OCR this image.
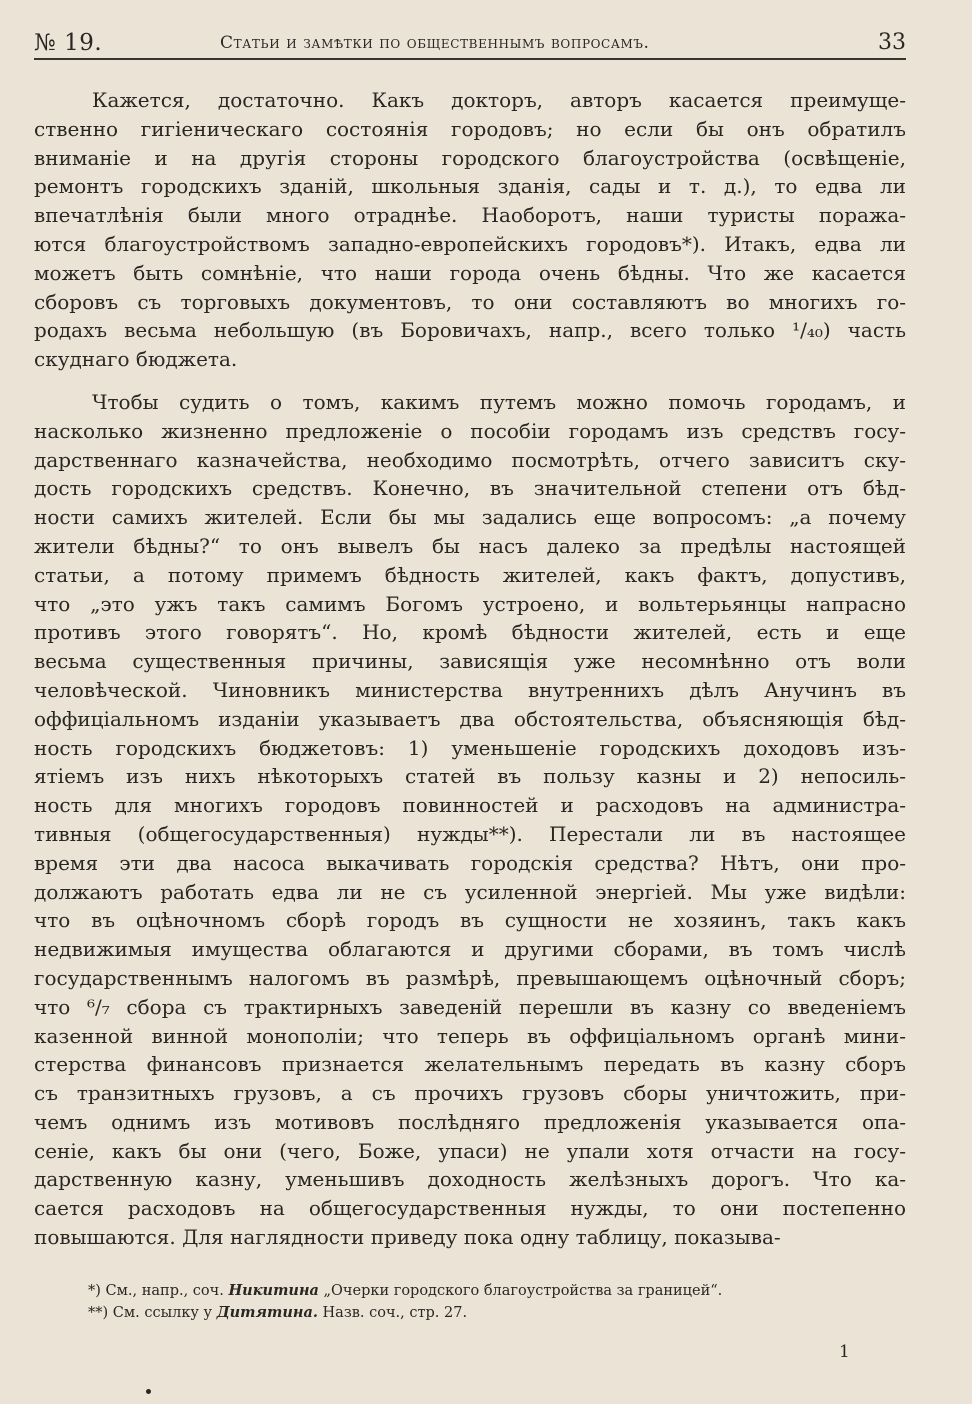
№ 19.	Статьи и замѣтки по общественнымъ вопросамъ.	33
Кажется, достаточно. Какъ докторъ, авторъ касается преимуще-
ственно гигіеническаго состоянія городовъ; но если бы онъ обратилъ
вниманіе и на другія стороны городского благоустройства (освѣщеніе,
ремонтъ городскихъ зданій, школьныя зданія, сады и т. д.), то едва ли
впечатлѣнія были много отраднѣе. Наоборотъ, наши туристы поража-
ются благоустройствомъ западно-европейскихъ городовъ*). Итакъ, едва ли
можетъ быть сомнѣніе, что наши города очень бѣдны. Что же касается
сборовъ съ торговыхъ документовъ, то они составляютъ во многихъ го-
родахъ весьма небольшую (въ Боровичахъ, напр., всего только ¹/₄₀) часть
скуднаго бюджета.
Чтобы судить о томъ, какимъ путемъ можно помочь городамъ, и
насколько жизненно предложеніе о пособіи городамъ изъ средствъ госу-
дарственнаго казначейства, необходимо посмотрѣть, отчего зависитъ ску-
дость городскихъ средствъ. Конечно, въ значительной степени отъ бѣд-
ности самихъ жителей. Если бы мы задались еще вопросомъ: „а почему
жители бѣдны?“ то онъ вывелъ бы насъ далеко за предѣлы настоящей
статьи, а потому примемъ бѣдность жителей, какъ фактъ, допустивъ,
что „это ужъ такъ самимъ Богомъ устроено, и вольтерьянцы напрасно
противъ этого говорятъ“. Но, кромѣ бѣдности жителей, есть и еще
весьма существенныя причины, зависящія уже несомнѣнно отъ воли
человѣческой. Чиновникъ министерства внутреннихъ дѣлъ Анучинъ въ
оффиціальномъ изданіи указываетъ два обстоятельства, объясняющія бѣд-
ность городскихъ бюджетовъ: 1) уменьшеніе городскихъ доходовъ изъ-
ятіемъ изъ нихъ нѣкоторыхъ статей въ пользу казны и 2) непосиль-
ность для многихъ городовъ повинностей и расходовъ на администра-
тивныя (общегосударственныя) нужды**). Перестали ли въ настоящее
время эти два насоса выкачивать городскія средства? Нѣтъ, они про-
должаютъ работать едва ли не съ усиленной энергіей. Мы уже видѣли:
что въ оцѣночномъ сборѣ городъ въ сущности не хозяинъ, такъ какъ
недвижимыя имущества облагаются и другими сборами, въ томъ числѣ
государственнымъ налогомъ въ размѣрѣ, превышающемъ оцѣночный сборъ;
что ⁶/₇ сбора съ трактирныхъ заведеній перешли въ казну со введеніемъ
казенной винной монополіи; что теперь въ оффиціальномъ органѣ мини-
стерства финансовъ признается желательнымъ передать въ казну сборъ
съ транзитныхъ грузовъ, а съ прочихъ грузовъ сборы уничтожить, при-
чемъ однимъ изъ мотивовъ послѣдняго предложенія указывается опа-
сеніе, какъ бы они (чего, Боже, упаси) не упали хотя отчасти на госу-
дарственную казну, уменьшивъ доходность желѣзныхъ дорогъ. Что ка-
сается расходовъ на общегосударственныя нужды, то они постепенно
повышаются. Для наглядности приведу пока одну таблицу, показыва-
*) См., напр., соч. Никитина „Очерки городского благоустройства за границей“.
**) См. ссылку у Дитятина. Назв. соч., стр. 27.
1
